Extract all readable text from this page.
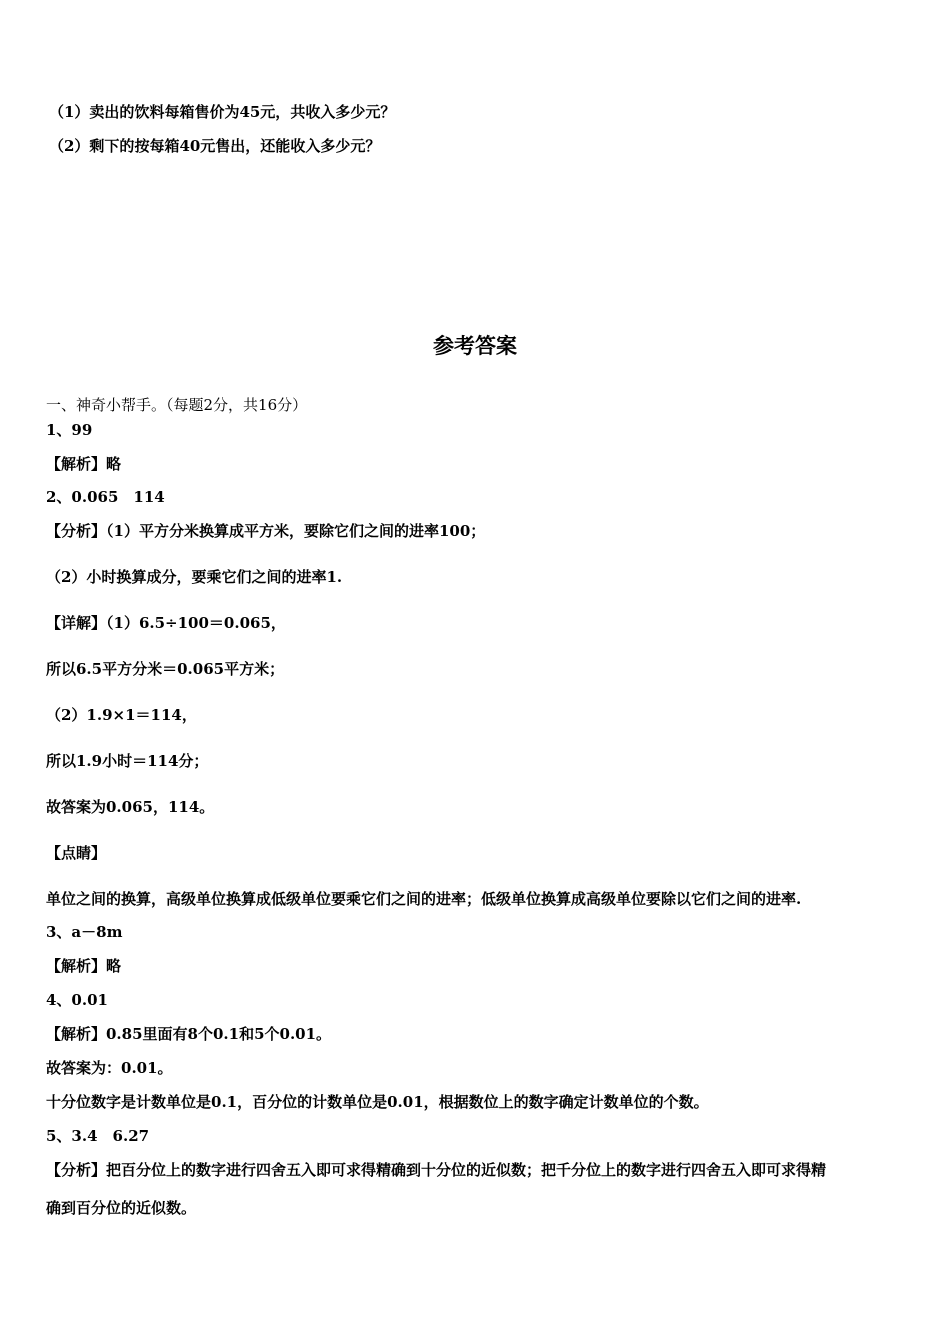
（1）卖出的饮料每箱售价为45元，共收入多少元？
（2）剩下的按每箱40元售出，还能收入多少元？
参考答案
一、神奇小帮手。（每题2分，共16分）
1、99
【解析】略
2、0.065　114
【分析】（1）平方分米换算成平方米，要除它们之间的进率100；
（2）小时换算成分，要乘它们之间的进率1.
【详解】（1）6.5÷100＝0.065，
所以6.5平方分米＝0.065平方米；
（2）1.9×1＝114，
所以1.9小时＝114分；
故答案为0.065，114。
【点睛】
单位之间的换算，高级单位换算成低级单位要乘它们之间的进率；低级单位换算成高级单位要除以它们之间的进率.
3、a－8m
【解析】略
4、0.01
【解析】0.85里面有8个0.1和5个0.01。
故答案为：0.01。
十分位数字是计数单位是0.1，百分位的计数单位是0.01，根据数位上的数字确定计数单位的个数。
5、3.4　6.27
【分析】把百分位上的数字进行四舍五入即可求得精确到十分位的近似数；把千分位上的数字进行四舍五入即可求得精
确到百分位的近似数。
